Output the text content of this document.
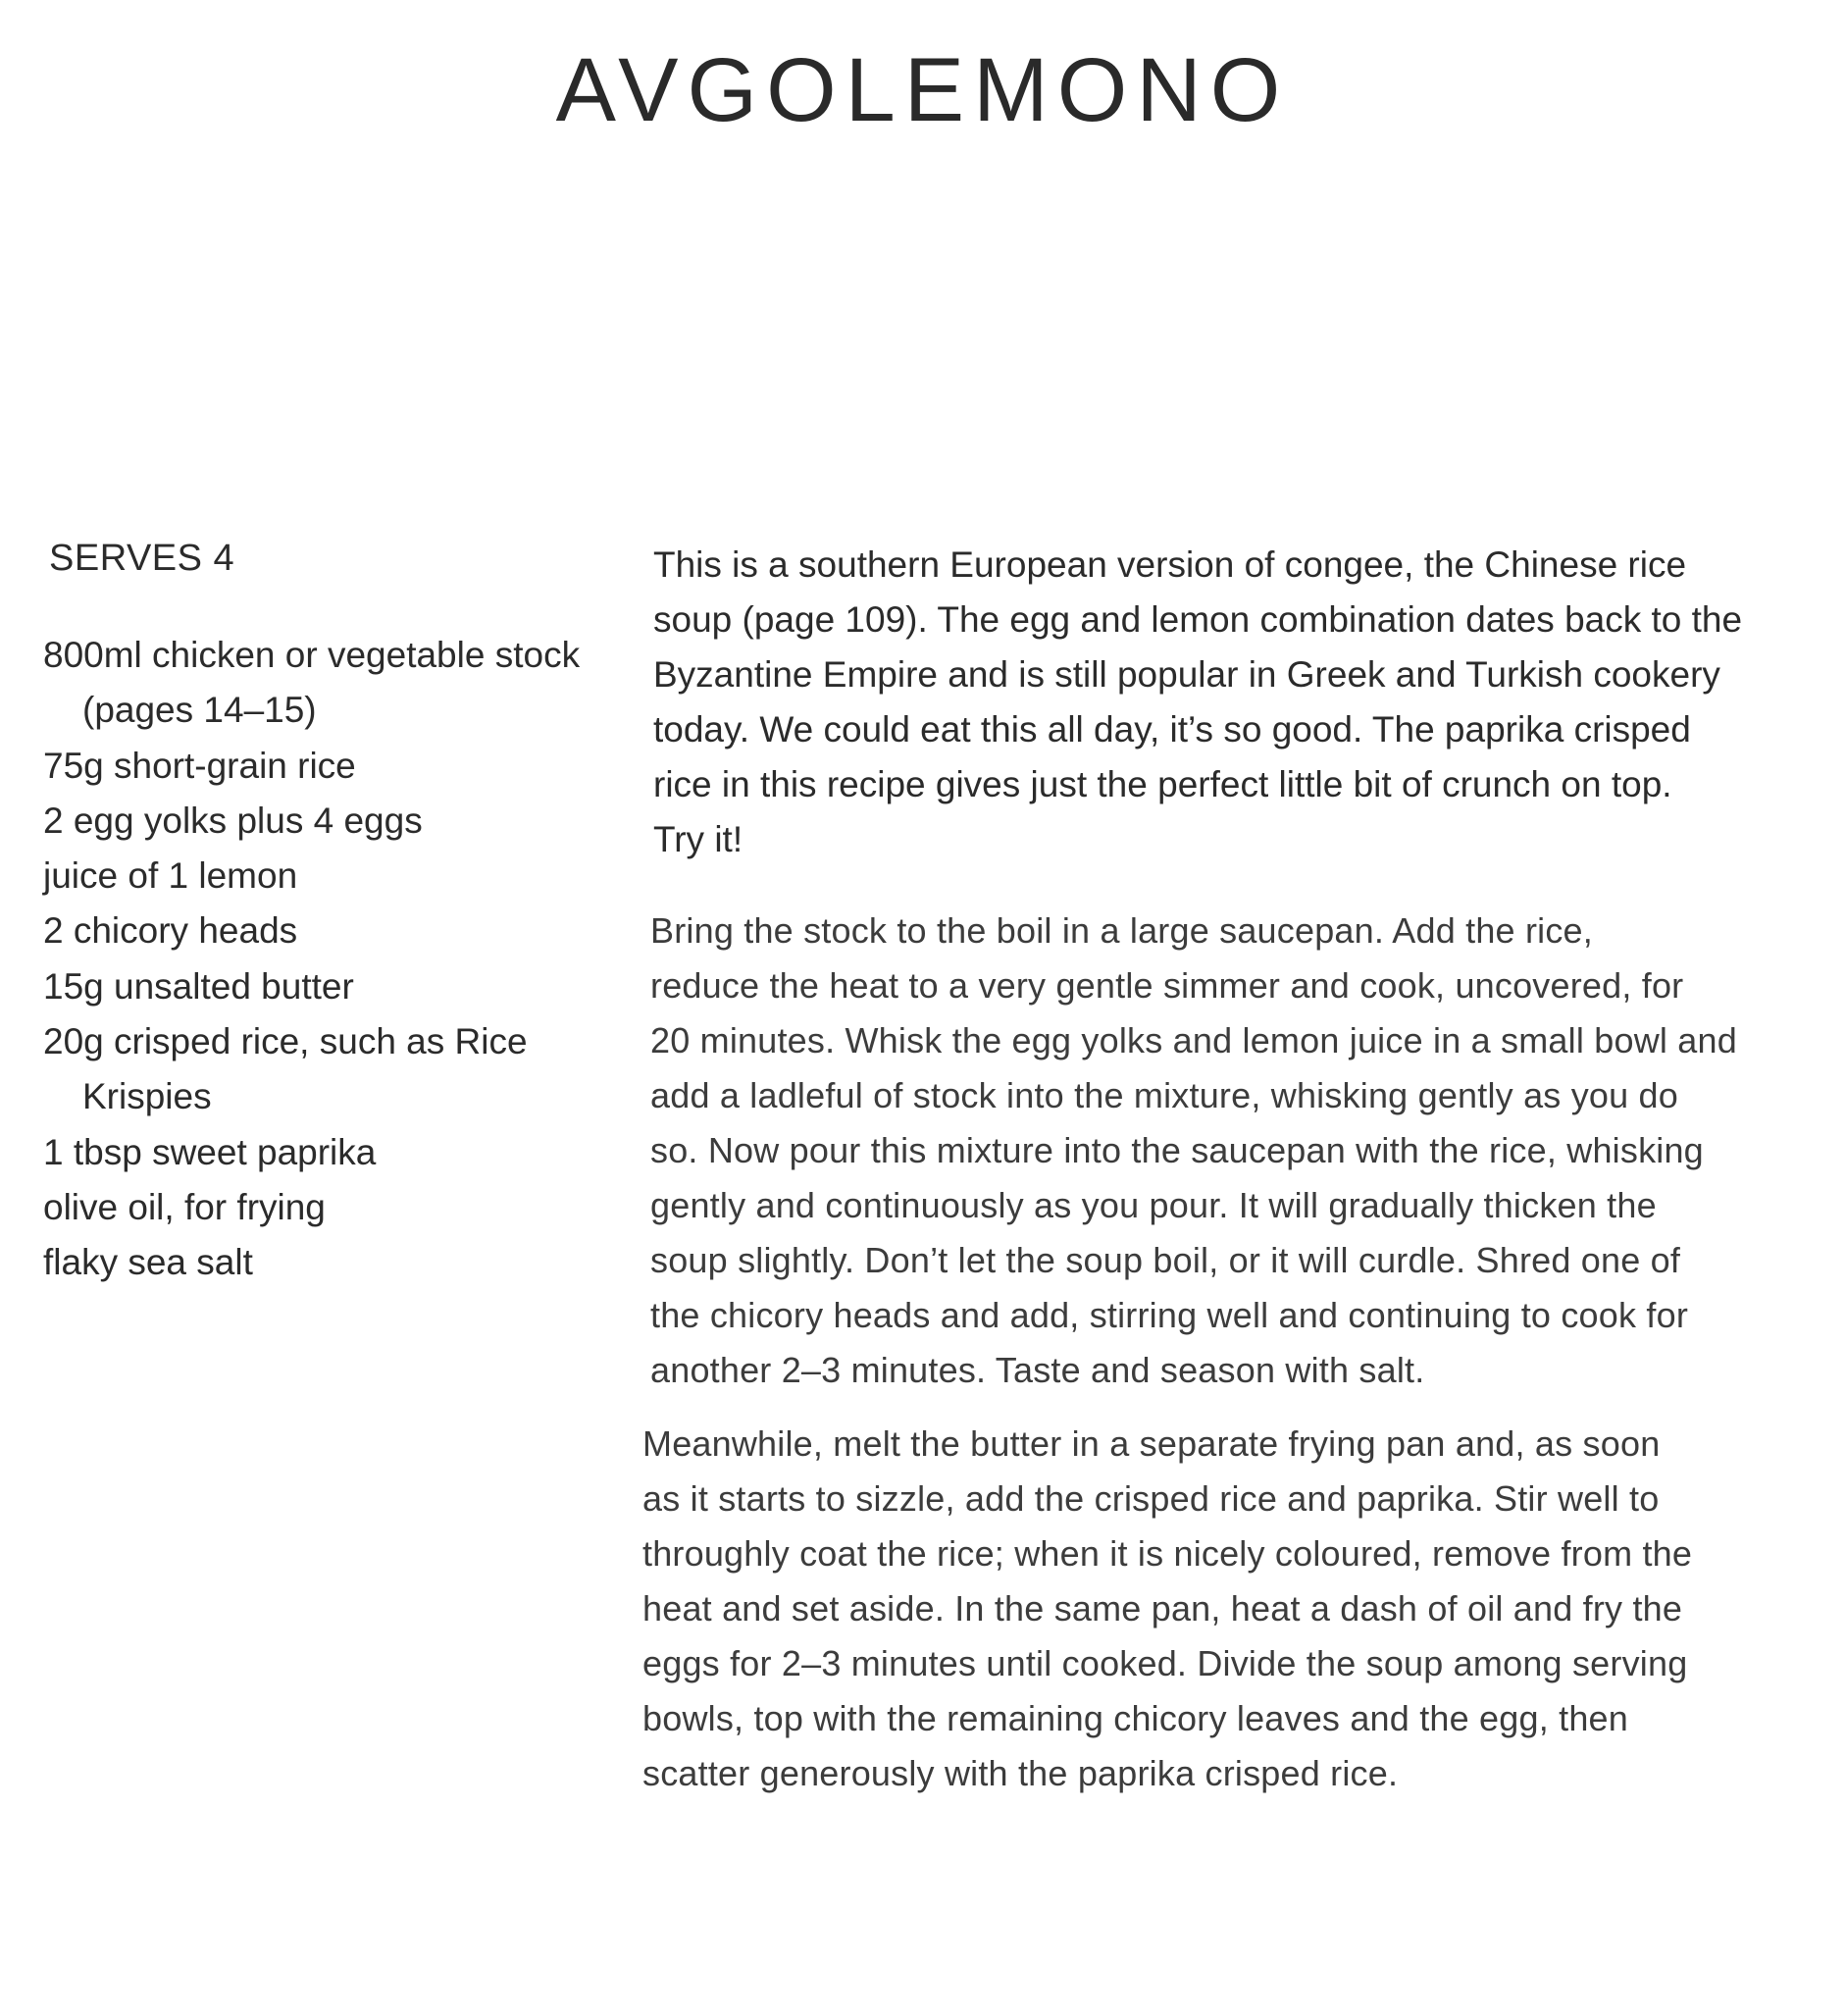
AVGOLEMONO
SERVES 4
800ml chicken or vegetable stock (pages 14–15)
75g short-grain rice
2 egg yolks plus 4 eggs
juice of 1 lemon
2 chicory heads
15g unsalted butter
20g crisped rice, such as Rice Krispies
1 tbsp sweet paprika
olive oil, for frying
flaky sea salt
This is a southern European version of congee, the Chinese rice
soup (page 109). The egg and lemon combination dates back to the
Byzantine Empire and is still popular in Greek and Turkish cookery
today. We could eat this all day, it’s so good. The paprika crisped
rice in this recipe gives just the perfect little bit of crunch on top.
Try it!
Bring the stock to the boil in a large saucepan. Add the rice,
reduce the heat to a very gentle simmer and cook, uncovered, for
20 minutes. Whisk the egg yolks and lemon juice in a small bowl and
add a ladleful of stock into the mixture, whisking gently as you do
so. Now pour this mixture into the saucepan with the rice, whisking
gently and continuously as you pour. It will gradually thicken the
soup slightly. Don’t let the soup boil, or it will curdle. Shred one of
the chicory heads and add, stirring well and continuing to cook for
another 2–3 minutes. Taste and season with salt.
Meanwhile, melt the butter in a separate frying pan and, as soon
as it starts to sizzle, add the crisped rice and paprika. Stir well to
throughly coat the rice; when it is nicely coloured, remove from the
heat and set aside. In the same pan, heat a dash of oil and fry the
eggs for 2–3 minutes until cooked. Divide the soup among serving
bowls, top with the remaining chicory leaves and the egg, then
scatter generously with the paprika crisped rice.
